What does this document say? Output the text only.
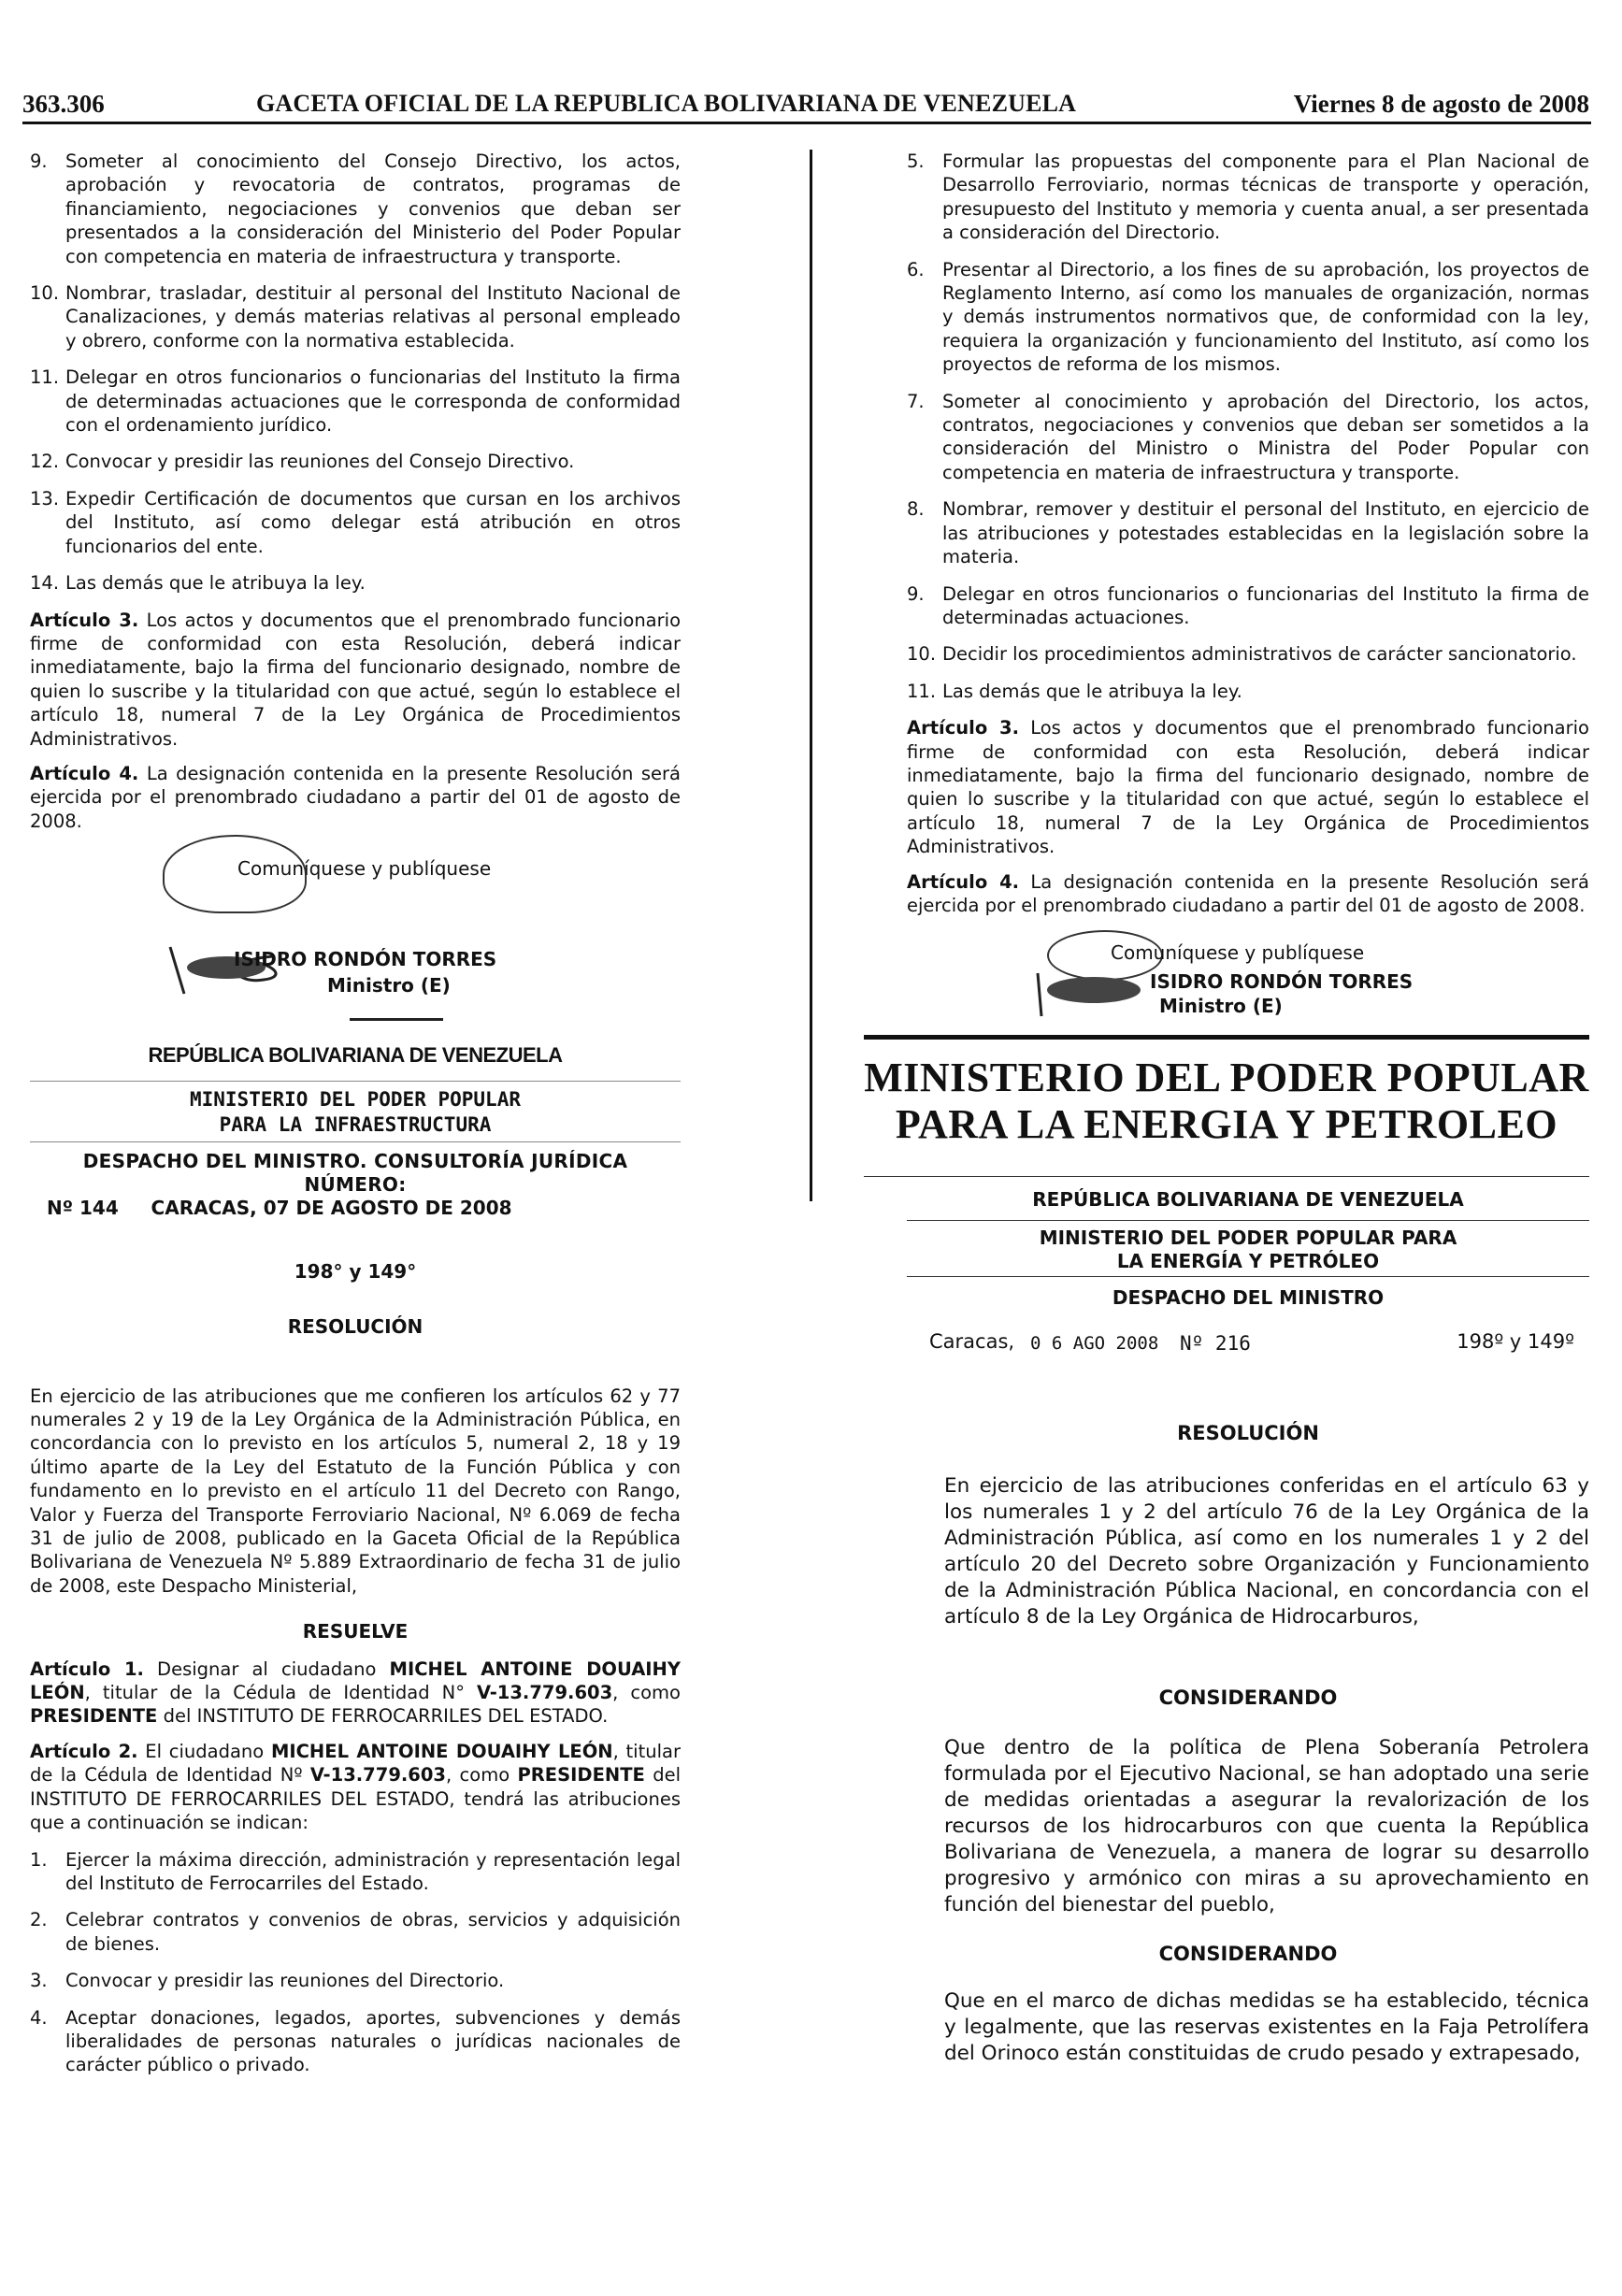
363.306	GACETA OFICIAL DE LA REPUBLICA BOLIVARIANA DE VENEZUELA	Viernes 8 de agosto de 2008
9. Someter al conocimiento del Consejo Directivo, los actos, aprobación y revocatoria de contratos, programas de financiamiento, negociaciones y convenios que deban ser presentados a la consideración del Ministerio del Poder Popular con competencia en materia de infraestructura y transporte.
10. Nombrar, trasladar, destituir al personal del Instituto Nacional de Canalizaciones, y demás materias relativas al personal empleado y obrero, conforme con la normativa establecida.
11. Delegar en otros funcionarios o funcionarias del Instituto la firma de determinadas actuaciones que le corresponda de conformidad con el ordenamiento jurídico.
12. Convocar y presidir las reuniones del Consejo Directivo.
13. Expedir Certificación de documentos que cursan en los archivos del Instituto, así como delegar está atribución en otros funcionarios del ente.
14. Las demás que le atribuya la ley.

Artículo 3. Los actos y documentos que el prenombrado funcionario firme de conformidad con esta Resolución, deberá indicar inmediatamente, bajo la firma del funcionario designado, nombre de quien lo suscribe y la titularidad con que actué, según lo establece el artículo 18, numeral 7 de la Ley Orgánica de Procedimientos Administrativos.

Artículo 4. La designación contenida en la presente Resolución será ejercida por el prenombrado ciudadano a partir del 01 de agosto de 2008.

Comuníquese y publíquese
ISIDRO RONDÓN TORRES
Ministro (E)
REPÚBLICA BOLIVARIANA DE VENEZUELA
MINISTERIO DEL PODER POPULAR
PARA LA INFRAESTRUCTURA
DESPACHO DEL MINISTRO. CONSULTORÍA JURÍDICA NÚMERO:
Nº 144     CARACAS, 07 DE AGOSTO DE 2008
198° y 149°
RESOLUCIÓN

En ejercicio de las atribuciones que me confieren los artículos 62 y 77 numerales 2 y 19 de la Ley Orgánica de la Administración Pública, en concordancia con lo previsto en los artículos 5, numeral 2, 18 y 19 último aparte de la Ley del Estatuto de la Función Pública y con fundamento en lo previsto en el artículo 11 del Decreto con Rango, Valor y Fuerza del Transporte Ferroviario Nacional, Nº 6.069 de fecha 31 de julio de 2008, publicado en la Gaceta Oficial de la República Bolivariana de Venezuela Nº 5.889 Extraordinario de fecha 31 de julio de 2008, este Despacho Ministerial,

RESUELVE

Artículo 1. Designar al ciudadano MICHEL ANTOINE DOUAIHY LEÓN, titular de la Cédula de Identidad N° V-13.779.603, como PRESIDENTE del INSTITUTO DE FERROCARRILES DEL ESTADO.

Artículo 2. El ciudadano MICHEL ANTOINE DOUAIHY LEÓN, titular de la Cédula de Identidad Nº V-13.779.603, como PRESIDENTE del INSTITUTO DE FERROCARRILES DEL ESTADO, tendrá las atribuciones que a continuación se indican:

1. Ejercer la máxima dirección, administración y representación legal del Instituto de Ferrocarriles del Estado.
2. Celebrar contratos y convenios de obras, servicios y adquisición de bienes.
3. Convocar y presidir las reuniones del Directorio.
4. Aceptar donaciones, legados, aportes, subvenciones y demás liberalidades de personas naturales o jurídicas nacionales de carácter público o privado.
5. Formular las propuestas del componente para el Plan Nacional de Desarrollo Ferroviario, normas técnicas de transporte y operación, presupuesto del Instituto y memoria y cuenta anual, a ser presentada a consideración del Directorio.
6. Presentar al Directorio, a los fines de su aprobación, los proyectos de Reglamento Interno, así como los manuales de organización, normas y demás instrumentos normativos que, de conformidad con la ley, requiera la organización y funcionamiento del Instituto, así como los proyectos de reforma de los mismos.
7. Someter al conocimiento y aprobación del Directorio, los actos, contratos, negociaciones y convenios que deban ser sometidos a la consideración del Ministro o Ministra del Poder Popular con competencia en materia de infraestructura y transporte.
8. Nombrar, remover y destituir el personal del Instituto, en ejercicio de las atribuciones y potestades establecidas en la legislación sobre la materia.
9. Delegar en otros funcionarios o funcionarias del Instituto la firma de determinadas actuaciones.
10. Decidir los procedimientos administrativos de carácter sancionatorio.
11. Las demás que le atribuya la ley.

Artículo 3. Los actos y documentos que el prenombrado funcionario firme de conformidad con esta Resolución, deberá indicar inmediatamente, bajo la firma del funcionario designado, nombre de quien lo suscribe y la titularidad con que actué, según lo establece el artículo 18, numeral 7 de la Ley Orgánica de Procedimientos Administrativos.

Artículo 4. La designación contenida en la presente Resolución será ejercida por el prenombrado ciudadano a partir del 01 de agosto de 2008.

Comuníquese y publíquese
ISIDRO RONDÓN TORRES
Ministro (E)
MINISTERIO DEL PODER POPULAR
PARA LA ENERGIA Y PETROLEO
REPÚBLICA BOLIVARIANA DE VENEZUELA
MINISTERIO DEL PODER POPULAR PARA
LA ENERGÍA Y PETRÓLEO
DESPACHO DEL MINISTRO
Caracas, 0 6 AGO 2008 Nº 216	198º y 149º
RESOLUCIÓN

En ejercicio de las atribuciones conferidas en el artículo 63 y los numerales 1 y 2 del artículo 76 de la Ley Orgánica de la Administración Pública, así como en los numerales 1 y 2 del artículo 20 del Decreto sobre Organización y Funcionamiento de la Administración Pública Nacional, en concordancia con el artículo 8 de la Ley Orgánica de Hidrocarburos,

CONSIDERANDO

Que dentro de la política de Plena Soberanía Petrolera formulada por el Ejecutivo Nacional, se han adoptado una serie de medidas orientadas a asegurar la revalorización de los recursos de los hidrocarburos con que cuenta la República Bolivariana de Venezuela, a manera de lograr su desarrollo progresivo y armónico con miras a su aprovechamiento en función del bienestar del pueblo,

CONSIDERANDO

Que en el marco de dichas medidas se ha establecido, técnica y legalmente, que las reservas existentes en la Faja Petrolífera del Orinoco están constituidas de crudo pesado y extrapesado,
